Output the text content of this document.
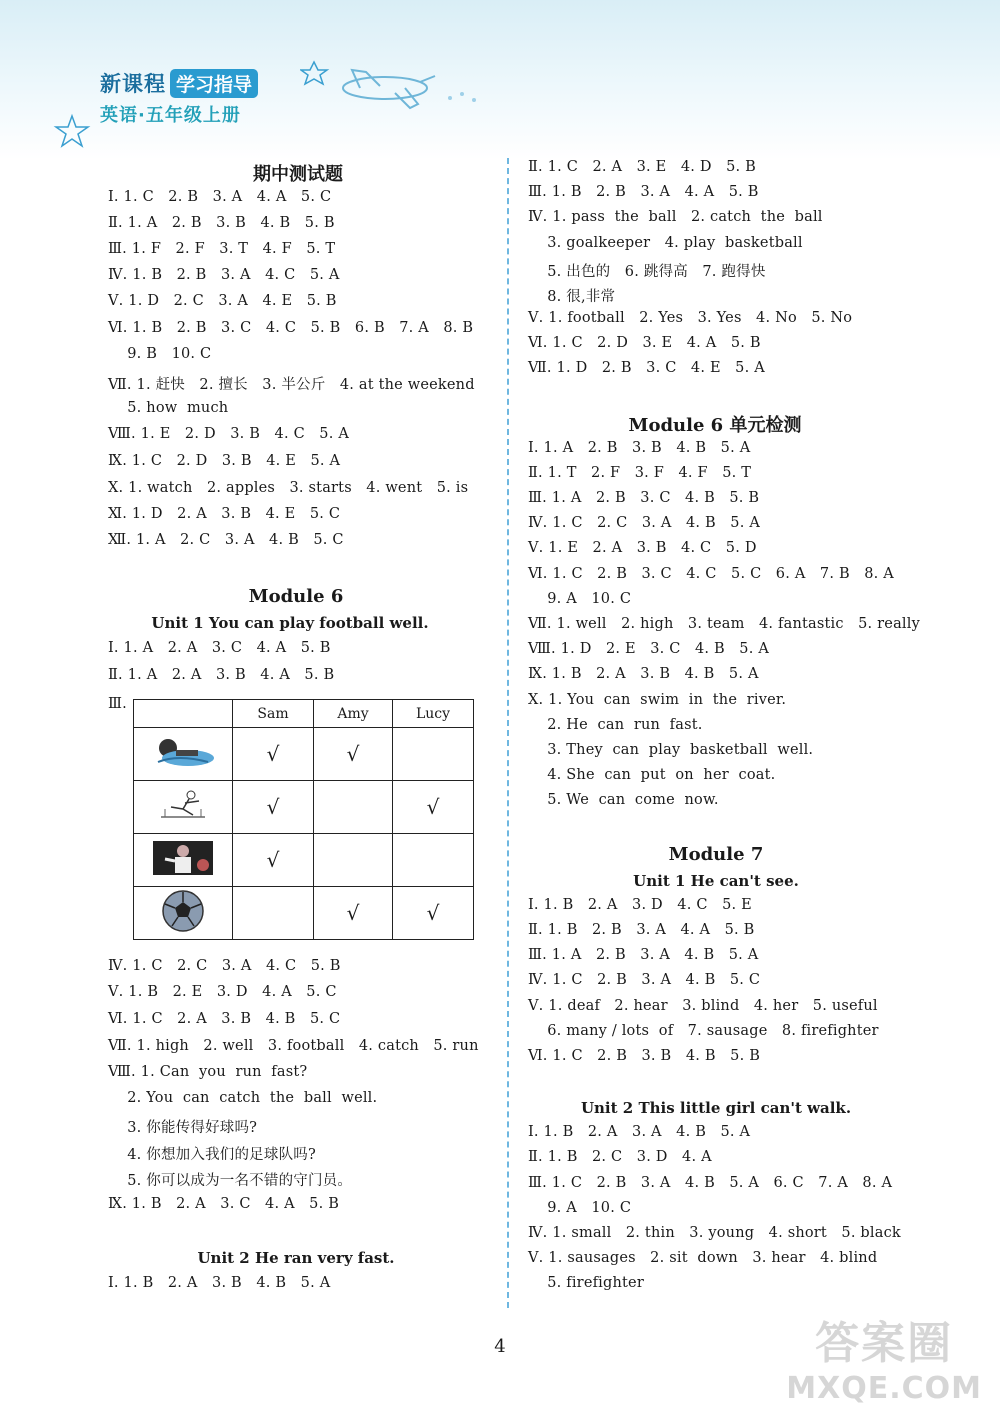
新课程 学习指导
英语·五年级上册
期中测试题
Ⅰ. 1. C   2. B   3. A   4. A   5. C
Ⅱ. 1. A   2. B   3. B   4. B   5. B
Ⅲ. 1. F   2. F   3. T   4. F   5. T
Ⅳ. 1. B   2. B   3. A   4. C   5. A
Ⅴ. 1. D   2. C   3. A   4. E   5. B
Ⅵ. 1. B   2. B   3. C   4. C   5. B   6. B   7. A   8. B
9. B   10. C
Ⅶ. 1. 赶快   2. 擅长   3. 半公斤   4. at the weekend
5. how  much
Ⅷ. 1. E   2. D   3. B   4. C   5. A
Ⅸ. 1. C   2. D   3. B   4. E   5. A
Ⅹ. 1. watch   2. apples   3. starts   4. went   5. is
Ⅺ. 1. D   2. A   3. B   4. E   5. C
Ⅻ. 1. A   2. C   3. A   4. B   5. C
Module 6
Unit 1 You can play football well.
Ⅰ. 1. A   2. A   3. C   4. A   5. B
Ⅱ. 1. A   2. A   3. B   4. A   5. B
Ⅲ.
	Sam	Amy	Lucy
	√	√	
	√		√
	√		
		√	√
Ⅳ. 1. C   2. C   3. A   4. C   5. B
Ⅴ. 1. B   2. E   3. D   4. A   5. C
Ⅵ. 1. C   2. A   3. B   4. B   5. C
Ⅶ. 1. high   2. well   3. football   4. catch   5. run
Ⅷ. 1. Can  you  run  fast?
2. You  can  catch  the  ball  well.
3. 你能传得好球吗?
4. 你想加入我们的足球队吗?
5. 你可以成为一名不错的守门员。
Ⅸ. 1. B   2. A   3. C   4. A   5. B
Unit 2 He ran very fast.
Ⅰ. 1. B   2. A   3. B   4. B   5. A
Ⅱ. 1. C   2. A   3. E   4. D   5. B
Ⅲ. 1. B   2. B   3. A   4. A   5. B
Ⅳ. 1. pass  the  ball   2. catch  the  ball
3. goalkeeper   4. play  basketball
5. 出色的   6. 跳得高   7. 跑得快
8. 很,非常
Ⅴ. 1. football   2. Yes   3. Yes   4. No   5. No
Ⅵ. 1. C   2. D   3. E   4. A   5. B
Ⅶ. 1. D   2. B   3. C   4. E   5. A
Module 6 单元检测
Ⅰ. 1. A   2. B   3. B   4. B   5. A
Ⅱ. 1. T   2. F   3. F   4. F   5. T
Ⅲ. 1. A   2. B   3. C   4. B   5. B
Ⅳ. 1. C   2. C   3. A   4. B   5. A
Ⅴ. 1. E   2. A   3. B   4. C   5. D
Ⅵ. 1. C   2. B   3. C   4. C   5. C   6. A   7. B   8. A
9. A   10. C
Ⅶ. 1. well   2. high   3. team   4. fantastic   5. really
Ⅷ. 1. D   2. E   3. C   4. B   5. A
Ⅸ. 1. B   2. A   3. B   4. B   5. A
Ⅹ. 1. You  can  swim  in  the  river.
2. He  can  run  fast.
3. They  can  play  basketball  well.
4. She  can  put  on  her  coat.
5. We  can  come  now.
Module 7
Unit 1 He can't see.
Ⅰ. 1. B   2. A   3. D   4. C   5. E
Ⅱ. 1. B   2. B   3. A   4. A   5. B
Ⅲ. 1. A   2. B   3. A   4. B   5. A
Ⅳ. 1. C   2. B   3. A   4. B   5. C
Ⅴ. 1. deaf   2. hear   3. blind   4. her   5. useful
6. many / lots  of   7. sausage   8. firefighter
Ⅵ. 1. C   2. B   3. B   4. B   5. B
Unit 2 This little girl can't walk.
Ⅰ. 1. B   2. A   3. A   4. B   5. A
Ⅱ. 1. B   2. C   3. D   4. A
Ⅲ. 1. C   2. B   3. A   4. B   5. A   6. C   7. A   8. A
9. A   10. C
Ⅳ. 1. small   2. thin   3. young   4. short   5. black
Ⅴ. 1. sausages   2. sit  down   3. hear   4. blind
5. firefighter
4	答案圈
MXQE.COM
